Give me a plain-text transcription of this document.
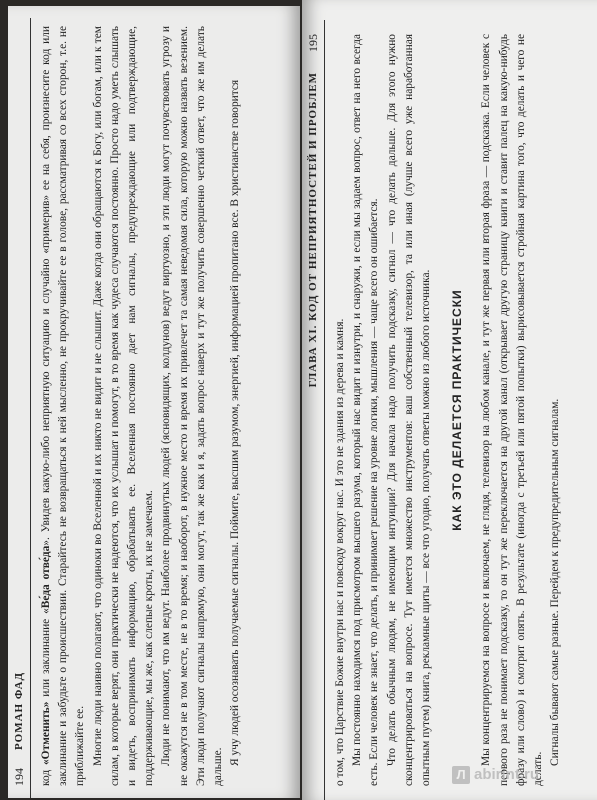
194
РОМАН ФАД

код «Отменить» или заклинание «Ве́да отве́да». Увидев какую-либо неприятную ситуацию и случайно «примерив» ее на себя, произнесите код или заклинание и забудьте о происшествии. Старайтесь не возвращаться к ней мысленно, не прокручивайте ее в голове, рассматривая со всех сторон, т.е. не приближайте ее. Многие люди наивно полагают, что одиноки во Вселенной и их никто не видит и не слышит. Даже когда они обращаются к Богу, или богам, или к тем силам, в которые верят, они практически не надеются, что их услышат и помогут, в то время как чудеса случаются постоянно. Просто надо уметь слышать и видеть, воспринимать информацию, обрабатывать ее. Вселенная постоянно дает нам сигналы, предупреждающие или подтверждающие, поддерживающие, мы же, как слепые кроты, их не замечаем. Люди не понимают, что им ведут. Наиболее продвинутых людей (ясновидящих, колдунов) ведут виртуозно, и эти люди могут почувствовать угрозу и не окажутся не в том месте, не в то время; и наоборот, в нужное место и время их привлечет та самая неведомая сила, которую можно назвать везением. Эти люди получают сигналы напрямую, они могут, так же как и я, задать вопрос наверх и тут же получить совершенно четкий ответ, что же им делать дальше.

Я учу людей осознавать получаемые сигналы. Поймите, высшим разумом, энергией, информацией пропитано все. В христианстве говорится	ГЛАВА XI. КОД ОТ НЕПРИЯТНОСТЕЙ И ПРОБЛЕМ
195

о том, что Царствие Божие внутри нас и повсюду вокруг нас. И это не здания из дерева и камня. Мы постоянно находимся под присмотром высшего разума, который нас видит и изнутри, и снаружи, и если мы задаем вопрос, ответ на него всегда есть. Если человек не знает, что делать, и принимает решение на уровне логики, мышления — чаще всего он ошибается. Что делать обычным людям, не имеющим интуиции? Для начала надо получить подсказку, сигнал — что делать дальше. Для этого нужно сконцентрироваться на вопросе. Тут имеется множество инструментов: ваш собственный телевизор, та или иная (лучше всего уже наработанная опытным путем) книга, рекламные щиты — все что угодно, получать ответы можно из любого источника. КАК ЭТО ДЕЛАЕТСЯ ПРАКТИЧЕСКИ Мы концентрируемся на вопросе и включаем, не глядя, телевизор на любом канале, и тут же первая или вторая фраза — подсказка. Если человек с первого раза не понимает подсказку, то он тут же переключается на другой канал (открывает другую страницу книги и ставит палец на какую-нибудь фразу или слово) и смотрит опять. В результате (иногда с третьей или пятой попытки) вырисовывается стройная картина того, что делать и чего не делать.

Сигналы бывают самые разные. Перейдем к предупредительным сигналам.

Л abirint.ru
